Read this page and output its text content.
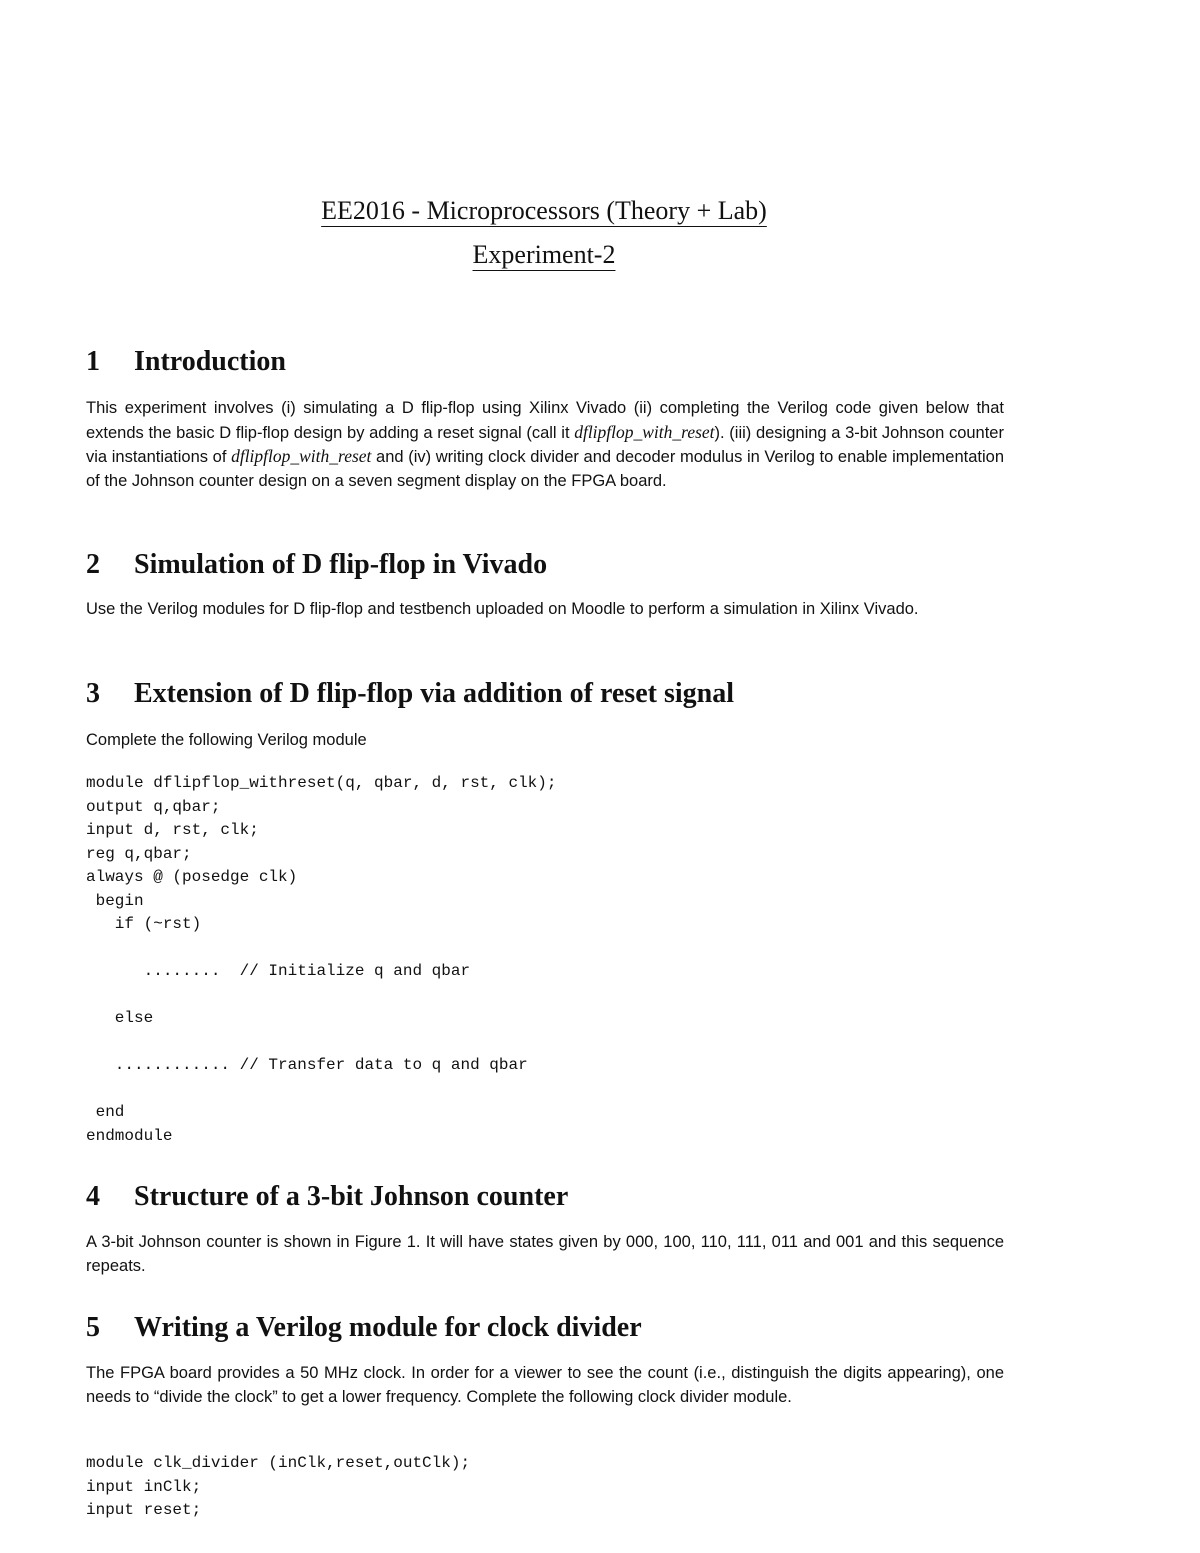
EE2016 - Microprocessors (Theory + Lab)
Experiment-2
1 Introduction
This experiment involves (i) simulating a D flip-flop using Xilinx Vivado (ii) completing the Verilog code given below that extends the basic D flip-flop design by adding a reset signal (call it dflipflop_with_reset). (iii) designing a 3-bit Johnson counter via instantiations of dflipflop_with_reset and (iv) writing clock divider and decoder modulus in Verilog to enable implementation of the Johnson counter design on a seven segment display on the FPGA board.
2 Simulation of D flip-flop in Vivado
Use the Verilog modules for D flip-flop and testbench uploaded on Moodle to perform a simulation in Xilinx Vivado.
3 Extension of D flip-flop via addition of reset signal
Complete the following Verilog module
module dflipflop_withreset(q, qbar, d, rst, clk);
output q,qbar;
input d, rst, clk;
reg q,qbar;
always @ (posedge clk)
begin
if (~rst)

........  // Initialize q and qbar

else

............ // Transfer data to q and qbar

end
endmodule
4 Structure of a 3-bit Johnson counter
A 3-bit Johnson counter is shown in Figure 1. It will have states given by 000, 100, 110, 111, 011 and 001 and this sequence repeats.
5 Writing a Verilog module for clock divider
The FPGA board provides a 50 MHz clock. In order for a viewer to see the count (i.e., distinguish the digits appearing), one needs to “divide the clock” to get a lower frequency. Complete the following clock divider module.
module clk_divider (inClk,reset,outClk);
input inClk;
input reset;
